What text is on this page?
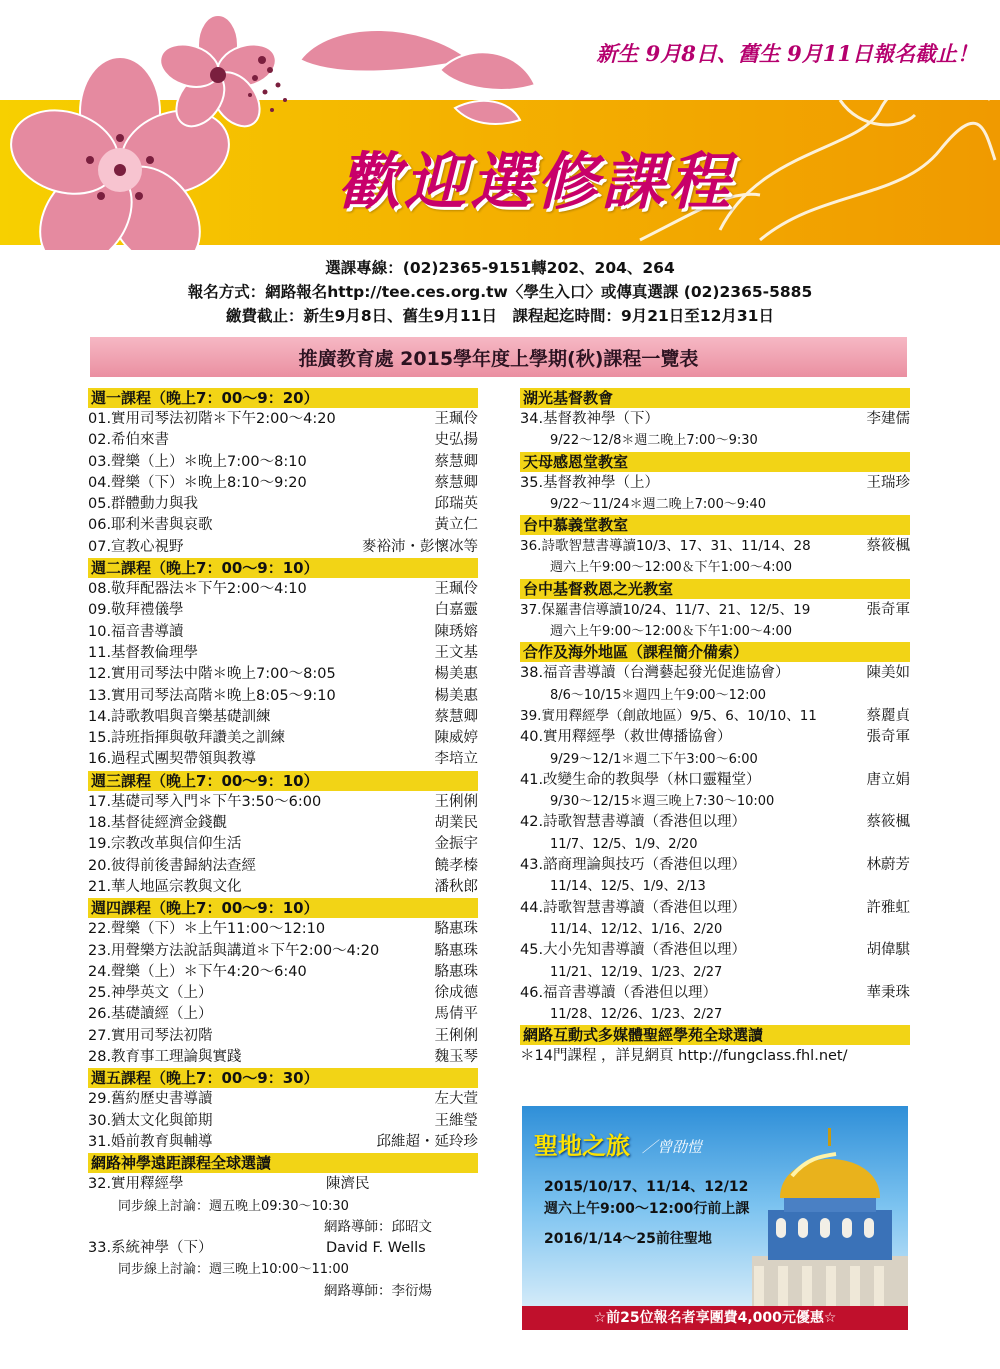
新生 9月8日、舊生 9月11日報名截止！
歡迎選修課程
選課專線：(02)2365-9151轉202、204、264
報名方式：網路報名http://tee.ces.org.tw〈學生入口〉或傳真選課 (02)2365-5885
繳費截止：新生9月8日、舊生9月11日　課程起迄時間：9月21日至12月31日
推廣教育處 2015學年度上學期(秋)課程一覽表
週一課程（晚上7：00～9：20）
01.實用司琴法初階＊下午2:00～4:20	王珮伶
02.希伯來書	史弘揚
03.聲樂（上）＊晚上7:00～8:10	蔡慧卿
04.聲樂（下）＊晚上8:10～9:20	蔡慧卿
05.群體動力與我	邱瑞英
06.耶利米書與哀歌	黃立仁
07.宣教心視野	麥裕沛・彭懷冰等
週二課程（晚上7：00～9：10）
08.敬拜配器法＊下午2:00～4:10	王珮伶
09.敬拜禮儀學	白嘉靈
10.福音書導讀	陳琇嫆
11.基督教倫理學	王文基
12.實用司琴法中階＊晚上7:00～8:05	楊美惠
13.實用司琴法高階＊晚上8:05～9:10	楊美惠
14.詩歌教唱與音樂基礎訓練	蔡慧卿
15.詩班指揮與敬拜讚美之訓練	陳威婷
16.過程式團契帶領與教導	李培立
週三課程（晚上7：00～9：10）
17.基礎司琴入門＊下午3:50～6:00	王俐俐
18.基督徒經濟金錢觀	胡業民
19.宗教改革與信仰生活	金振宇
20.彼得前後書歸納法查經	饒孝榛
21.華人地區宗教與文化	潘秋郎
週四課程（晚上7：00～9：10）
22.聲樂（下）＊上午11:00～12:10	駱惠珠
23.用聲樂方法說話與講道＊下午2:00～4:20	駱惠珠
24.聲樂（上）＊下午4:20～6:40	駱惠珠
25.神學英文（上）	徐成德
26.基礎讀經（上）	馬倩平
27.實用司琴法初階	王俐俐
28.教育事工理論與實踐	魏玉琴
週五課程（晚上7：00～9：30）
29.舊約歷史書導讀	左大萱
30.猶太文化與節期	王維瑩
31.婚前教育與輔導	邱維超・延玲珍
網路神學遠距課程全球選讀
32.實用釋經學	陳濟民
同步線上討論：週五晚上09:30～10:30
網路導師：邱昭文
33.系統神學（下）	David F. Wells
同步線上討論：週三晚上10:00～11:00
網路導師：李衍煬
湖光基督教會
34.基督教神學（下）	李建儒
9/22～12/8＊週二晚上7:00～9:30
天母感恩堂教室
35.基督教神學（上）	王瑞珍
9/22～11/24＊週二晚上7:00～9:40
台中慕義堂教室
36.詩歌智慧書導讀10/3、17、31、11/14、28	蔡筱楓
週六上午9:00～12:00＆下午1:00～4:00
台中基督救恩之光教室
37.保羅書信導讀10/24、11/7、21、12/5、19	張奇軍
週六上午9:00～12:00＆下午1:00～4:00
合作及海外地區（課程簡介備索）
38.福音書導讀（台灣藝起發光促進協會）	陳美如
8/6～10/15＊週四上午9:00～12:00
39.實用釋經學（創啟地區）9/5、6、10/10、11	蔡麗貞
40.實用釋經學（救世傳播協會）	張奇軍
9/29～12/1＊週二下午3:00～6:00
41.改變生命的教與學（林口靈糧堂）	唐立娟
9/30～12/15＊週三晚上7:30～10:00
42.詩歌智慧書導讀（香港但以理）	蔡筱楓
11/7、12/5、1/9、2/20
43.諮商理論與技巧（香港但以理）	林蔚芳
11/14、12/5、1/9、2/13
44.詩歌智慧書導讀（香港但以理）	許雅虹
11/14、12/12、1/16、2/20
45.大小先知書導讀（香港但以理）	胡偉騏
11/21、12/19、1/23、2/27
46.福音書導讀（香港但以理）	華秉珠
11/28、12/26、1/23、2/27
網路互動式多媒體聖經學苑全球選讀
＊14門課程 ，詳見網頁 http://fungclass.fhl.net/
聖地之旅 ／曾劭愷
2015/10/17、11/14、12/12
週六上午9:00～12:00行前上課
2016/1/14～25前往聖地
☆前25位報名者享團費4,000元優惠☆
